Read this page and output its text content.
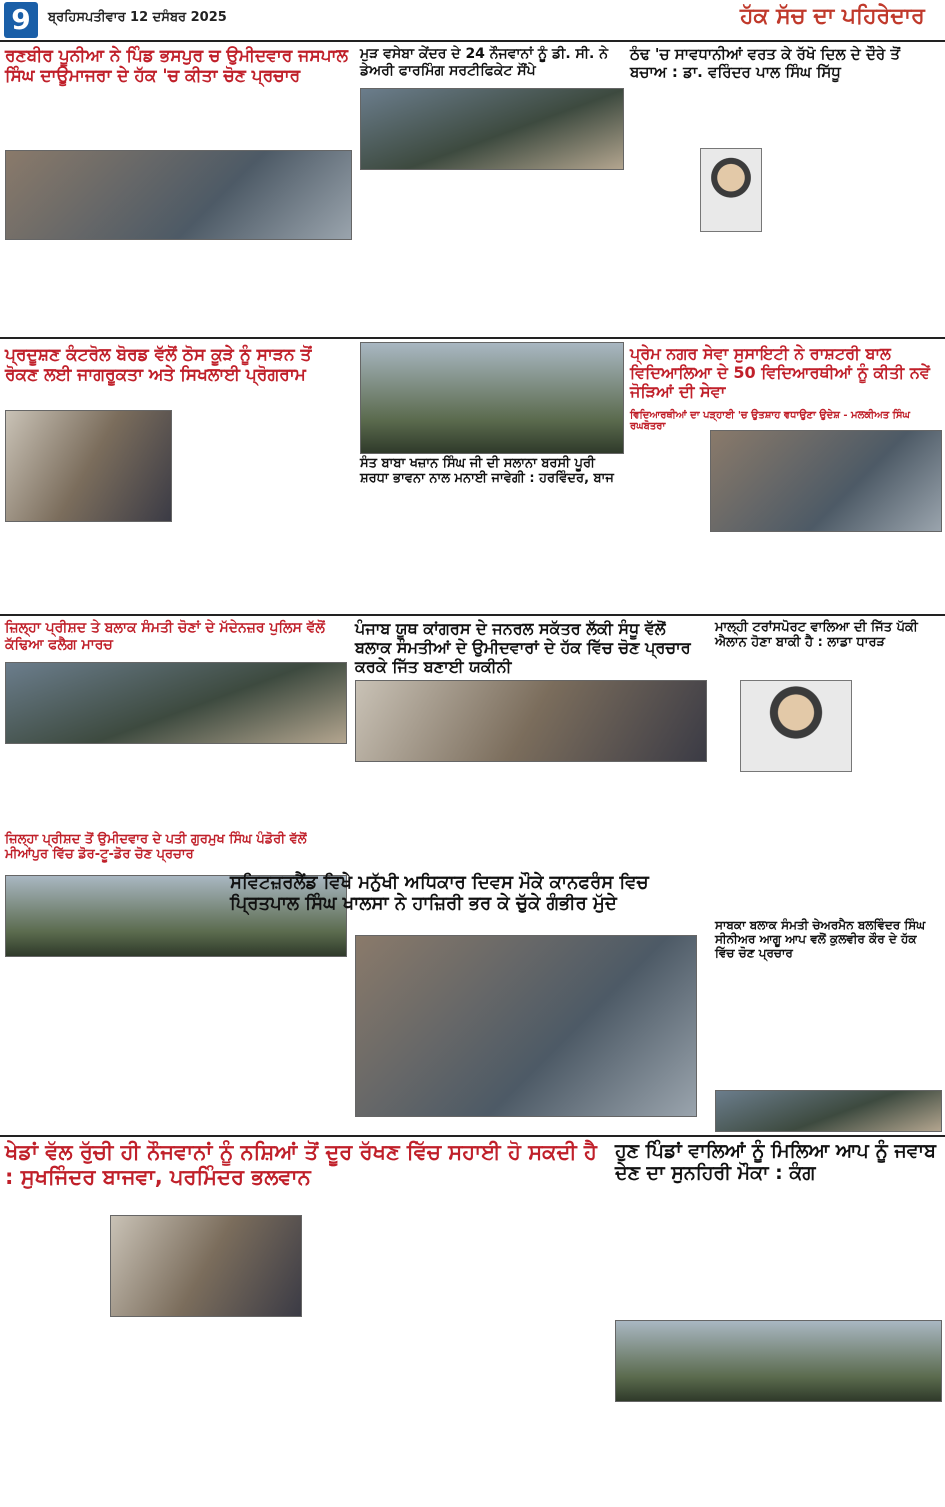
9	ਬ੍ਰਹਿਸਪਤੀਵਾਰ 12 ਦਸੰਬਰ 2025	ਹੱਕ ਸੱਚ ਦਾ ਪਹਿਰੇਦਾਰ
ਰਣਬੀਰ ਪੂਨੀਆ ਨੇ ਪਿੰਡ ਭਸਪੁਰ ਚ ਉਮੀਦਵਾਰ ਜਸਪਾਲ ਸਿੰਘ ਦਾਊਮਾਜਰਾ ਦੇ ਹੱਕ 'ਚ ਕੀਤਾ ਚੋਣ ਪ੍ਰਚਾਰ
ਮੁੜ ਵਸੇਬਾ ਕੇਂਦਰ ਦੇ 24 ਨੌਜਵਾਨਾਂ ਨੂੰ ਡੀ. ਸੀ. ਨੇ ਡੇਅਰੀ ਫਾਰਮਿੰਗ ਸਰਟੀਫਿਕੇਟ ਸੌਂਪੇ
ਠੰਢ 'ਚ ਸਾਵਧਾਨੀਆਂ ਵਰਤ ਕੇ ਰੱਖੋ ਦਿਲ ਦੇ ਦੌਰੇ ਤੋਂ ਬਚਾਅ : ਡਾ. ਵਰਿੰਦਰ ਪਾਲ ਸਿੰਘ ਸਿੱਧੂ
ਪ੍ਰਦੂਸ਼ਣ ਕੰਟਰੋਲ ਬੋਰਡ ਵੱਲੋਂ ਠੋਸ ਕੂੜੇ ਨੂੰ ਸਾੜਨ ਤੋਂ ਰੋਕਣ ਲਈ ਜਾਗਰੂਕਤਾ ਅਤੇ ਸਿਖਲਾਈ ਪ੍ਰੋਗਰਾਮ
ਸੰਤ ਬਾਬਾ ਖਜ਼ਾਨ ਸਿੰਘ ਜੀ ਦੀ ਸਲਾਨਾ ਬਰਸੀ ਪੂਰੀ ਸ਼ਰਧਾ ਭਾਵਨਾ ਨਾਲ ਮਨਾਈ ਜਾਵੇਗੀ : ਹਰਵਿੰਦਰ, ਬਾਜ
ਪ੍ਰੇਮ ਨਗਰ ਸੇਵਾ ਸੁਸਾਇਟੀ ਨੇ ਰਾਸ਼ਟਰੀ ਬਾਲ ਵਿਦਿਆਲਿਆ ਦੇ 50 ਵਿਦਿਆਰਥੀਆਂ ਨੂੰ ਕੀਤੀ ਨਵੇਂ ਜੋੜਿਆਂ ਦੀ ਸੇਵਾ
ਵਿਦਿਆਰਥੀਆਂ ਦਾ ਪੜ੍ਹਾਈ 'ਚ ਉਤਸ਼ਾਹ ਵਧਾਉਣਾ ਉਦੇਸ਼ - ਮਲਕੀਅਤ ਸਿੰਘ ਰਘਬੋਤਰਾ
ਜ਼ਿਲ੍ਹਾ ਪ੍ਰੀਸ਼ਦ ਤੇ ਬਲਾਕ ਸੰਮਤੀ ਚੋਣਾਂ ਦੇ ਮੱਦੇਨਜ਼ਰ ਪੁਲਿਸ ਵੱਲੋਂ ਕੱਢਿਆ ਫਲੈਗ ਮਾਰਚ
ਪੰਜਾਬ ਯੂਥ ਕਾਂਗਰਸ ਦੇ ਜਨਰਲ ਸਕੱਤਰ ਲੱਕੀ ਸੰਧੂ ਵੱਲੋਂ ਬਲਾਕ ਸੰਮਤੀਆਂ ਦੇ ਉਮੀਦਵਾਰਾਂ ਦੇ ਹੱਕ ਵਿੱਚ ਚੋਣ ਪ੍ਰਚਾਰ ਕਰਕੇ ਜਿੱਤ ਬਣਾਈ ਯਕੀਨੀ
ਮਾਲ੍ਹੀ ਟਰਾਂਸਪੋਰਟ ਵਾਲਿਆ ਦੀ ਜਿੱਤ ਪੱਕੀ ਐਲਾਨ ਹੋਣਾ ਬਾਕੀ ਹੈ : ਲਾਡਾ ਧਾਰੜ
ਜ਼ਿਲ੍ਹਾ ਪ੍ਰੀਸ਼ਦ ਤੋਂ ਉਮੀਦਵਾਰ ਦੇ ਪਤੀ ਗੁਰਮੁਖ ਸਿੰਘ ਪੰਡੋਰੀ ਵੱਲੋਂ ਮੀਆਂਪੁਰ ਵਿੱਚ ਡੋਰ-ਟੂ-ਡੋਰ ਚੋਣ ਪ੍ਰਚਾਰ
ਸਵਿਟਜ਼ਰਲੈਂਡ ਵਿਖੇ ਮਨੁੱਖੀ ਅਧਿਕਾਰ ਦਿਵਸ ਮੌਕੇ ਕਾਨਫਰੰਸ ਵਿਚ ਪ੍ਰਿਤਪਾਲ ਸਿੰਘ ਖਾਲਸਾ ਨੇ ਹਾਜ਼ਿਰੀ ਭਰ ਕੇ ਚੁੱਕੇ ਗੰਭੀਰ ਮੁੱਦੇ
ਸਾਬਕਾ ਬਲਾਕ ਸੰਮਤੀ ਚੇਅਰਮੈਨ ਬਲਵਿੰਦਰ ਸਿੰਘ ਸੀਨੀਅਰ ਆਗੂ ਆਪ ਵਲੋਂ ਕੁਲਵੀਰ ਕੌਰ ਦੇ ਹੱਕ ਵਿੱਚ ਚੋਣ ਪ੍ਰਚਾਰ
ਖੇਡਾਂ ਵੱਲ ਰੁੱਚੀ ਹੀ ਨੌਜਵਾਨਾਂ ਨੂੰ ਨਸ਼ਿਆਂ ਤੋਂ ਦੂਰ ਰੱਖਣ ਵਿੱਚ ਸਹਾਈ ਹੋ ਸਕਦੀ ਹੈ : ਸੁਖਜਿੰਦਰ ਬਾਜਵਾ, ਪਰਮਿੰਦਰ ਭਲਵਾਨ
ਹੁਣ ਪਿੰਡਾਂ ਵਾਲਿਆਂ ਨੂੰ ਮਿਲਿਆ ਆਪ ਨੂੰ ਜਵਾਬ ਦੇਣ ਦਾ ਸੁਨਹਿਰੀ ਮੌਕਾ : ਕੰਗ
